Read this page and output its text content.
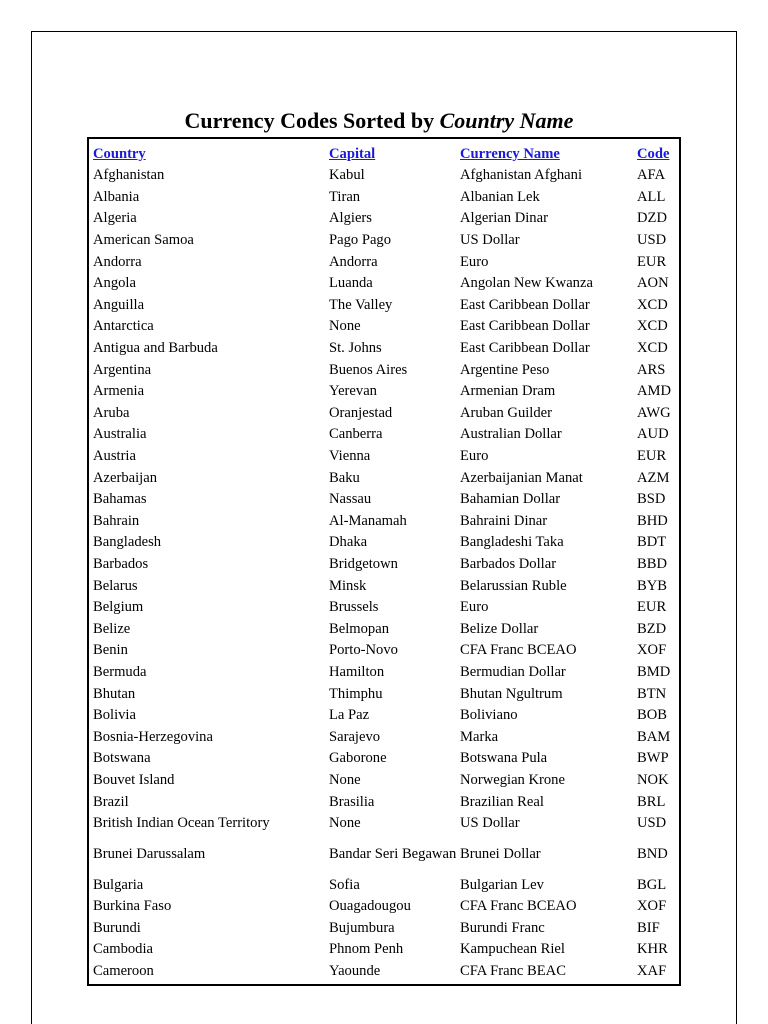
Currency Codes Sorted by Country Name
Country	Capital	Currency Name	Code
Afghanistan	Kabul	Afghanistan Afghani	AFA
Albania	Tiran	Albanian Lek	ALL
Algeria	Algiers	Algerian Dinar	DZD
American Samoa	Pago Pago	US Dollar	USD
Andorra	Andorra	Euro	EUR
Angola	Luanda	Angolan New Kwanza	AON
Anguilla	The Valley	East Caribbean Dollar	XCD
Antarctica	None	East Caribbean Dollar	XCD
Antigua and Barbuda	St. Johns	East Caribbean Dollar	XCD
Argentina	Buenos Aires	Argentine Peso	ARS
Armenia	Yerevan	Armenian Dram	AMD
Aruba	Oranjestad	Aruban Guilder	AWG
Australia	Canberra	Australian Dollar	AUD
Austria	Vienna	Euro	EUR
Azerbaijan	Baku	Azerbaijanian Manat	AZM
Bahamas	Nassau	Bahamian Dollar	BSD
Bahrain	Al-Manamah	Bahraini Dinar	BHD
Bangladesh	Dhaka	Bangladeshi Taka	BDT
Barbados	Bridgetown	Barbados Dollar	BBD
Belarus	Minsk	Belarussian Ruble	BYB
Belgium	Brussels	Euro	EUR
Belize	Belmopan	Belize Dollar	BZD
Benin	Porto-Novo	CFA Franc BCEAO	XOF
Bermuda	Hamilton	Bermudian Dollar	BMD
Bhutan	Thimphu	Bhutan Ngultrum	BTN
Bolivia	La Paz	Boliviano	BOB
Bosnia-Herzegovina	Sarajevo	Marka	BAM
Botswana	Gaborone	Botswana Pula	BWP
Bouvet Island	None	Norwegian Krone	NOK
Brazil	Brasilia	Brazilian Real	BRL
British Indian Ocean Territory	None	US Dollar	USD
Brunei Darussalam	Bandar Seri Begawan	Brunei Dollar	BND
Bulgaria	Sofia	Bulgarian Lev	BGL
Burkina Faso	Ouagadougou	CFA Franc BCEAO	XOF
Burundi	Bujumbura	Burundi Franc	BIF
Cambodia	Phnom Penh	Kampuchean Riel	KHR
Cameroon	Yaounde	CFA Franc BEAC	XAF
